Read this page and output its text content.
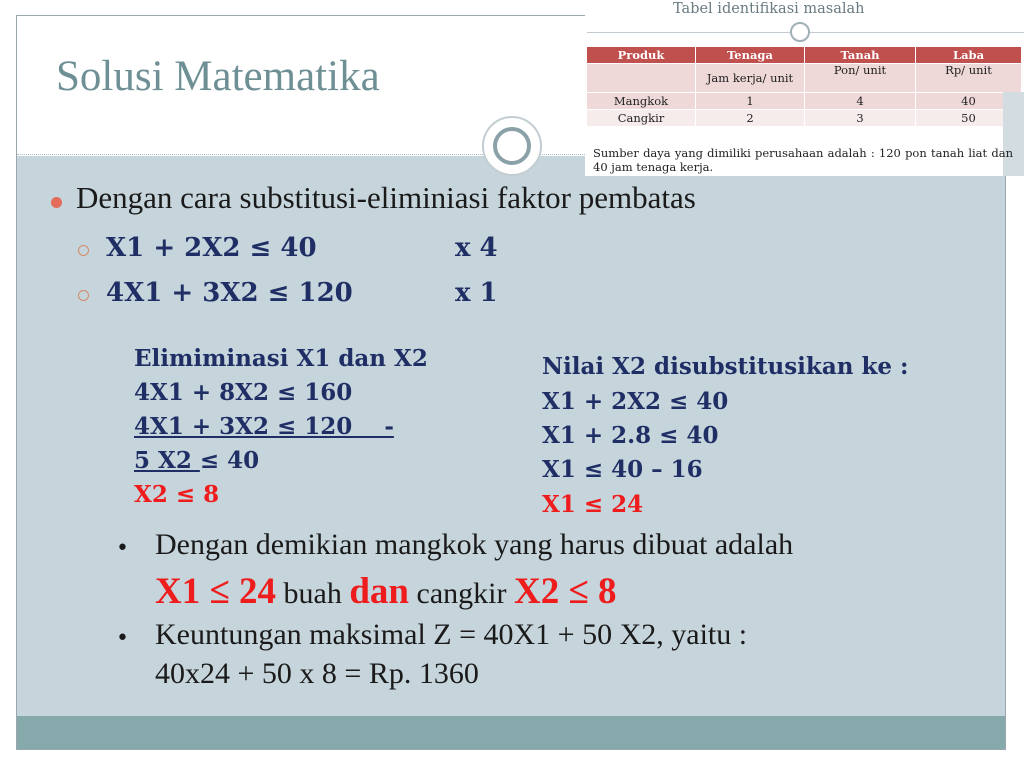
Solusi Matematika
Tabel identifikasi masalah
Produk	Tenaga	Tanah	Laba
	Jam kerja/ unit	Pon/ unit	Rp/ unit
Mangkok	1	4	40
Cangkir	2	3	50

Sumber daya yang dimiliki perusahaan adalah : 120 pon tanah liat dan 40 jam tenaga kerja.

Dengan cara substitusi-eliminiasi faktor pembatas

X1 + 2X2 ≤ 40	x 4

4X1 + 3X2 ≤ 120	x 1

Elimiminasi X1 dan X2

4X1 + 8X2 ≤ 160

4X1 + 3X2 ≤ 120    -

5 X2 ≤ 40

X2 ≤ 8

Nilai X2 disubstitusikan ke :

X1 + 2X2 ≤ 40

X1 + 2.8 ≤ 40

X1 ≤ 40 – 16

X1 ≤ 24

• Dengan demikian mangkok yang harus dibuat adalah

X1 ≤ 24 buah dan cangkir X2 ≤ 8

• Keuntungan maksimal Z = 40X1 + 50 X2, yaitu :

40x24 + 50 x 8 = Rp. 1360
